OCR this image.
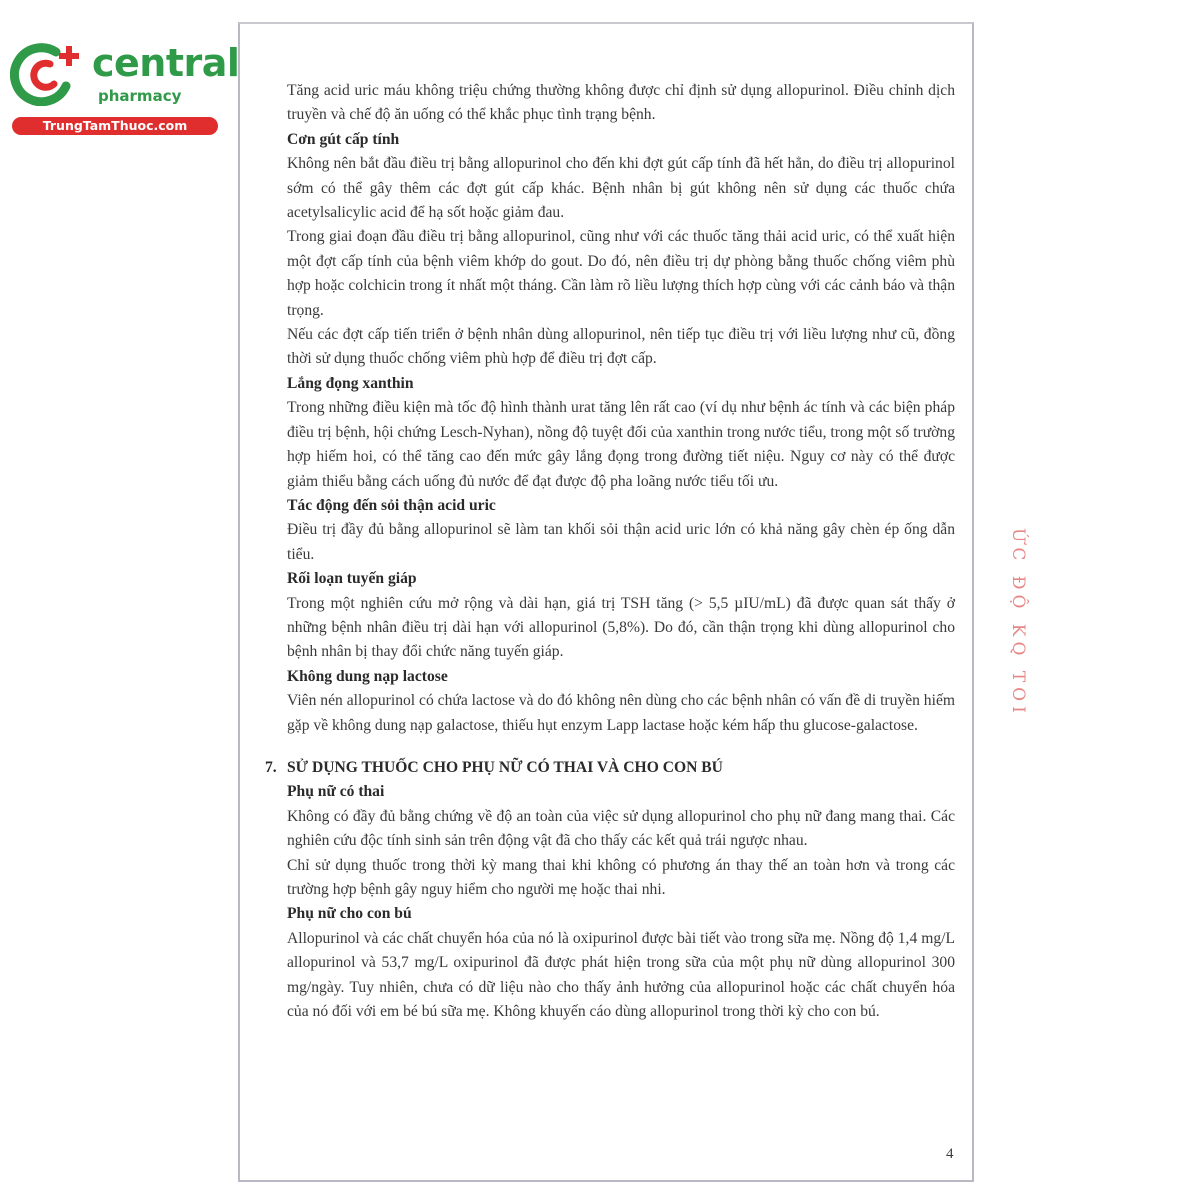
central
pharmacy
TrungTamThuoc.com
ỨC ĐỘ KQ TOI

Tăng acid uric máu không triệu chứng thường không được chỉ định sử dụng allopurinol. Điều chỉnh dịch truyền và chế độ ăn uống có thể khắc phục tình trạng bệnh.

Cơn gút cấp tính

Không nên bắt đầu điều trị bằng allopurinol cho đến khi đợt gút cấp tính đã hết hẳn, do điều trị allopurinol sớm có thể gây thêm các đợt gút cấp khác. Bệnh nhân bị gút không nên sử dụng các thuốc chứa acetylsalicylic acid để hạ sốt hoặc giảm đau.

Trong giai đoạn đầu điều trị bằng allopurinol, cũng như với các thuốc tăng thải acid uric, có thể xuất hiện một đợt cấp tính của bệnh viêm khớp do gout. Do đó, nên điều trị dự phòng bằng thuốc chống viêm phù hợp hoặc colchicin trong ít nhất một tháng. Cần làm rõ liều lượng thích hợp cùng với các cảnh báo và thận trọng.

Nếu các đợt cấp tiến triển ở bệnh nhân dùng allopurinol, nên tiếp tục điều trị với liều lượng như cũ, đồng thời sử dụng thuốc chống viêm phù hợp để điều trị đợt cấp.

Lắng đọng xanthin

Trong những điều kiện mà tốc độ hình thành urat tăng lên rất cao (ví dụ như bệnh ác tính và các biện pháp điều trị bệnh, hội chứng Lesch-Nyhan), nồng độ tuyệt đối của xanthin trong nước tiểu, trong một số trường hợp hiếm hoi, có thể tăng cao đến mức gây lắng đọng trong đường tiết niệu. Nguy cơ này có thể được giảm thiểu bằng cách uống đủ nước để đạt được độ pha loãng nước tiểu tối ưu.

Tác động đến sỏi thận acid uric

Điều trị đầy đủ bằng allopurinol sẽ làm tan khối sỏi thận acid uric lớn có khả năng gây chèn ép ống dẫn tiểu.

Rối loạn tuyến giáp

Trong một nghiên cứu mở rộng và dài hạn, giá trị TSH tăng (> 5,5 µIU/mL) đã được quan sát thấy ở những bệnh nhân điều trị dài hạn với allopurinol (5,8%). Do đó, cần thận trọng khi dùng allopurinol cho bệnh nhân bị thay đổi chức năng tuyến giáp.

Không dung nạp lactose

Viên nén allopurinol có chứa lactose và do đó không nên dùng cho các bệnh nhân có vấn đề di truyền hiếm gặp về không dung nạp galactose, thiếu hụt enzym Lapp lactase hoặc kém hấp thu glucose-galactose.

7. SỬ DỤNG THUỐC CHO PHỤ NỮ CÓ THAI VÀ CHO CON BÚ

Phụ nữ có thai

Không có đầy đủ bằng chứng về độ an toàn của việc sử dụng allopurinol cho phụ nữ đang mang thai. Các nghiên cứu độc tính sinh sản trên động vật đã cho thấy các kết quả trái ngược nhau.

Chỉ sử dụng thuốc trong thời kỳ mang thai khi không có phương án thay thế an toàn hơn và trong các trường hợp bệnh gây nguy hiểm cho người mẹ hoặc thai nhi.

Phụ nữ cho con bú

Allopurinol và các chất chuyển hóa của nó là oxipurinol được bài tiết vào trong sữa mẹ. Nồng độ 1,4 mg/L allopurinol và 53,7 mg/L oxipurinol đã được phát hiện trong sữa của một phụ nữ dùng allopurinol 300 mg/ngày. Tuy nhiên, chưa có dữ liệu nào cho thấy ảnh hưởng của allopurinol hoặc các chất chuyển hóa của nó đối với em bé bú sữa mẹ. Không khuyến cáo dùng allopurinol trong thời kỳ cho con bú.

4
